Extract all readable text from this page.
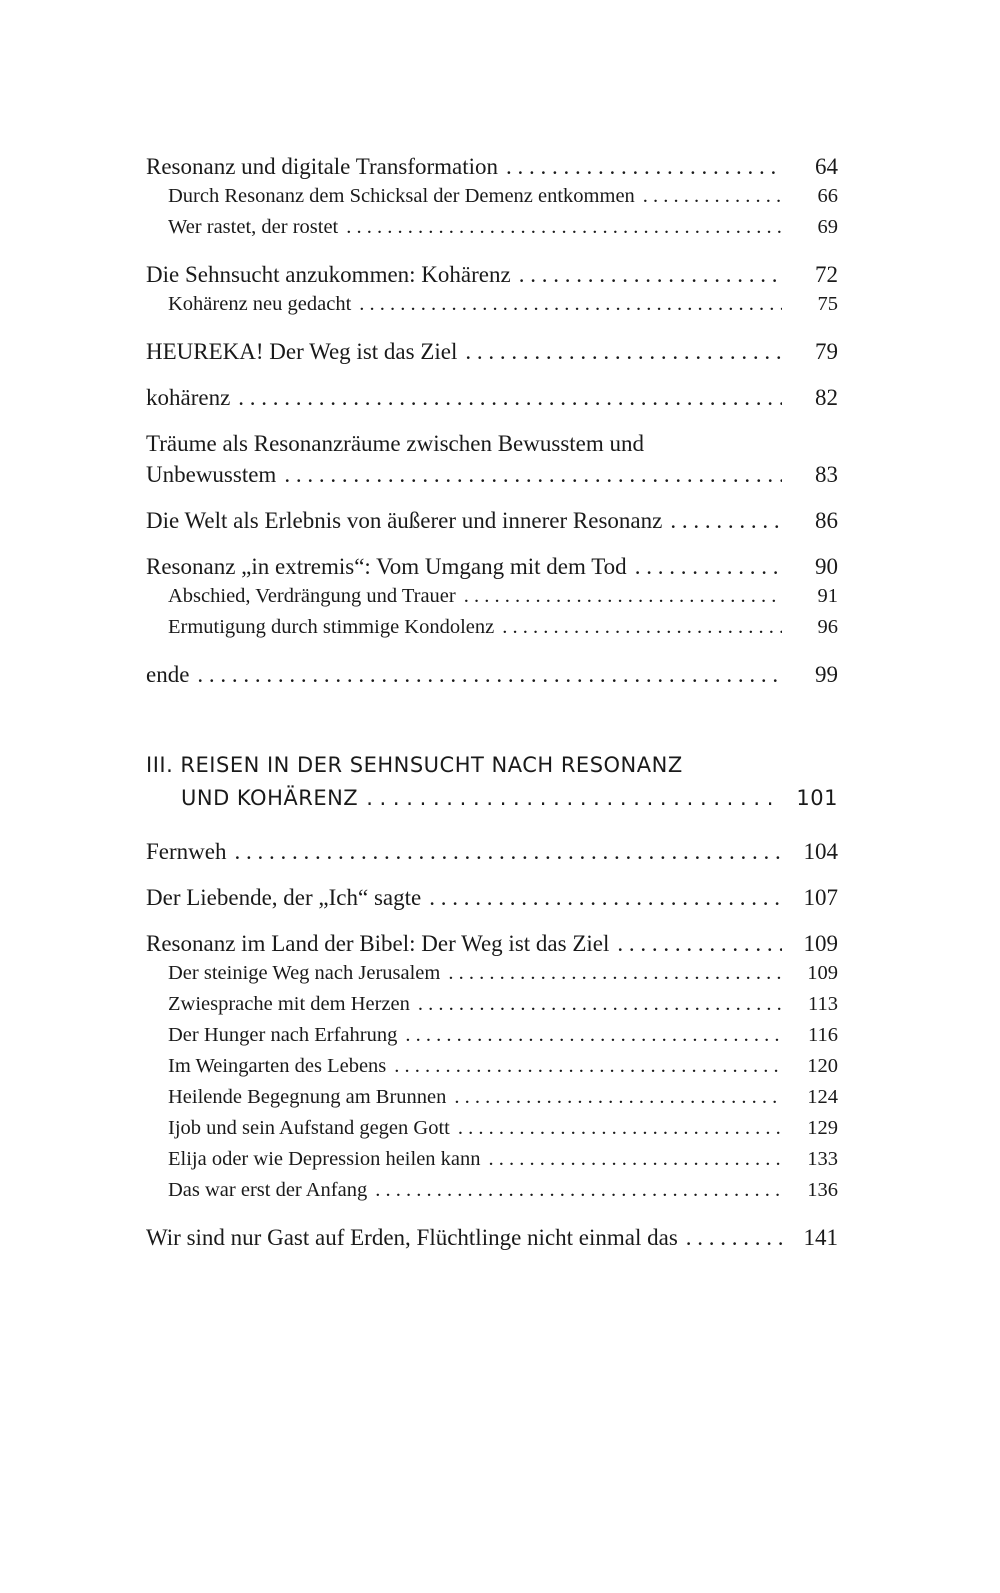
Resonanz und digitale Transformation . . .	64
Durch Resonanz dem Schicksal der Demenz entkommen . . .	66
Wer rastet, der rostet . . .	69
Die Sehnsucht anzukommen: Kohärenz . . .	72
Kohärenz neu gedacht . . .	75
HEUREKA! Der Weg ist das Ziel . . .	79
kohärenz . . .	82
Träume als Resonanzräume zwischen Bewusstem und
Unbewusstem . . .	83
Die Welt als Erlebnis von äußerer und innerer Resonanz . . .	86
Resonanz „in extremis“: Vom Umgang mit dem Tod . . .	90
Abschied, Verdrängung und Trauer . . .	91
Ermutigung durch stimmige Kondolenz . . .	96
ende . . .	99
III. REISEN IN DER SEHNSUCHT NACH RESONANZ
UND KOHÄRENZ . . .	101
Fernweh . . .	104
Der Liebende, der „Ich“ sagte . . .	107
Resonanz im Land der Bibel: Der Weg ist das Ziel . . .	109
Der steinige Weg nach Jerusalem . . .	109
Zwiesprache mit dem Herzen . . .	113
Der Hunger nach Erfahrung . . .	116
Im Weingarten des Lebens . . .	120
Heilende Begegnung am Brunnen . . .	124
Ijob und sein Aufstand gegen Gott . . .	129
Elija oder wie Depression heilen kann . . .	133
Das war erst der Anfang . . .	136
Wir sind nur Gast auf Erden, Flüchtlinge nicht einmal das . . .	141
